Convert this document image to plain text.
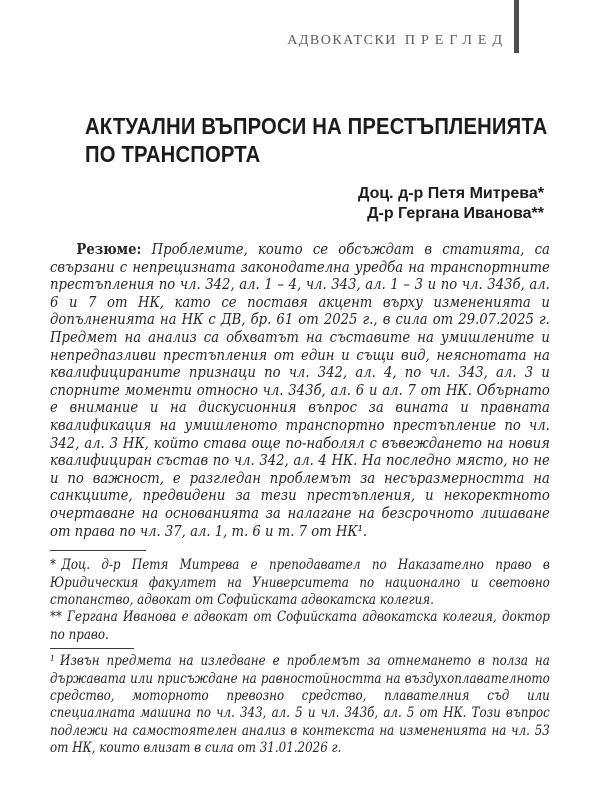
АДВОКАТСКИ ПРЕГЛЕД
АКТУАЛНИ ВЪПРОСИ НА ПРЕСТЪПЛЕНИЯТА
ПО ТРАНСПОРТА
Доц. д-р Петя Митрева*
Д-р Гергана Иванова**

Резюме: Проблемите, които се обсъждат в статията, са свързани с непрецизната законодателна уредба на транспортните престъпления по чл. 342, ал. 1 – 4, чл. 343, ал. 1 – 3 и по чл. 343б, ал. 6 и 7 от НК, като се поставя акцент върху измененията и допълненията на НК с ДВ, бр. 61 от 2025 г., в сила от 29.07.2025 г. Предмет на анализ са обхватът на съставите на умишлените и непредпазливи престъпления от един и същи вид, неяснотата на квалифицираните признаци по чл. 342, ал. 4, по чл. 343, ал. 3 и спорните моменти относно чл. 343б, ал. 6 и ал. 7 от НК. Обърнато е внимание и на дискусионния въпрос за вината и правната квалификация на умишленото транспортно престъпление по чл. 342, ал. 3 НК, който става още по-наболял с въвеждането на новия квалифициран състав по чл. 342, ал. 4 НК. На последно място, но не и по важност, е разгледан проблемът за несъразмерността на санкциите, предвидени за тези престъпления, и некоректното очертаване на основанията за налагане на безсрочното лишаване от права по чл. 37, ал. 1, т. 6 и т. 7 от НК¹.

* Доц. д-р Петя Митрева е преподавател по Наказателно право в Юридическия факултет на Университета по национално и световно стопанство, адвокат от Софийската адвокатска колегия.

** Гергана Иванова е адвокат от Софийската адвокатска колегия, доктор по право.

¹ Извън предмета на изледване е проблемът за отнемането в полза на държавата или присъждане на равностойността на въздухоплавателното средство, моторното превозно средство, плавателния съд или специалната машина по чл. 343, ал. 5 и чл. 343б, ал. 5 от НК. Този въпрос подлежи на самостоятелен анализ в контекста на измененията на чл. 53 от НК, които влизат в сила от 31.01.2026 г.
